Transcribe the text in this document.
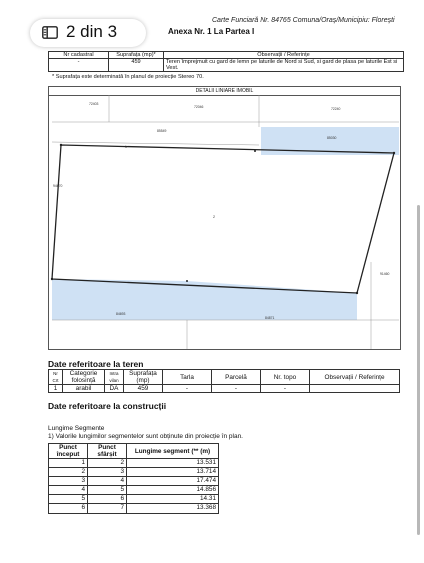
2 din 3
Carte Funciară Nr. 84765 Comuna/Oraș/Municipiu: Florești
Anexa Nr. 1 La Partea I
Nr cadastral	Suprafața (mp)*	Observații / Referințe
-	459	Teren împrejmuit cu gard de lemn pe laturile de Nord si Sud, si gard de plasa pe laturile Est si Vest.
* Suprafața este determinată în planul de proiecție Stereo 70.
DETALII LINIARE IMOBIL
72403
72046	72240
85549
85030
94670
2
91460
84693
84871
1
Date referitoare la teren
Nr Crt	Categorie folosință	Intra vilan	Suprafața (mp)	Tarla	Parcelă	Nr. topo	Observații / Referințe
1	arabil	DA	459	-	-	-	
Date referitoare la construcții
Lungime Segmente
1) Valorile lungimilor segmentelor sunt obținute din proiecție în plan.
Punct început	Punct sfârșit	Lungime segment (** (m)
1	2	13.531
2	3	13.714
3	4	17.474
4	5	14.856
5	6	14.31
6	7	13.368
